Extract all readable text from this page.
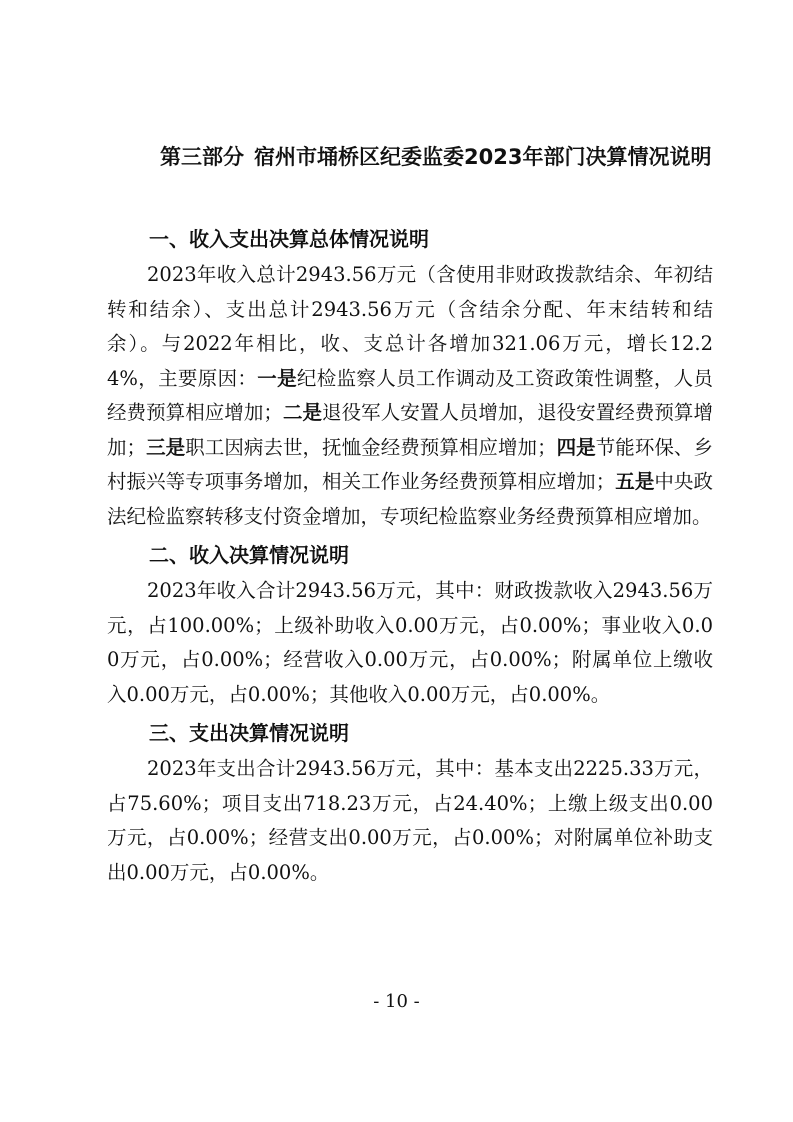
第三部分 宿州市埇桥区纪委监委2023年部门决算情况说明
一、收入支出决算总体情况说明

2023年收入总计2943.56万元（含使用非财政拨款结余、年初结转和结余）、支出总计2943.56万元（含结余分配、年末结转和结余）。与2022年相比，收、支总计各增加321.06万元，增长12.24%，主要原因：一是纪检监察人员工作调动及工资政策性调整，人员经费预算相应增加；二是退役军人安置人员增加，退役安置经费预算增加；三是职工因病去世，抚恤金经费预算相应增加；四是节能环保、乡村振兴等专项事务增加，相关工作业务经费预算相应增加；五是中央政法纪检监察转移支付资金增加，专项纪检监察业务经费预算相应增加。

二、收入决算情况说明

2023年收入合计2943.56万元，其中：财政拨款收入2943.56万元，占100.00%；上级补助收入0.00万元，占0.00%；事业收入0.00万元，占0.00%；经营收入0.00万元，占0.00%；附属单位上缴收入0.00万元，占0.00%；其他收入0.00万元，占0.00%。

三、支出决算情况说明

2023年支出合计2943.56万元，其中：基本支出2225.33万元，占75.60%；项目支出718.23万元，占24.40%；上缴上级支出0.00万元，占0.00%；经营支出0.00万元，占0.00%；对附属单位补助支出0.00万元，占0.00%。

- 10 -
